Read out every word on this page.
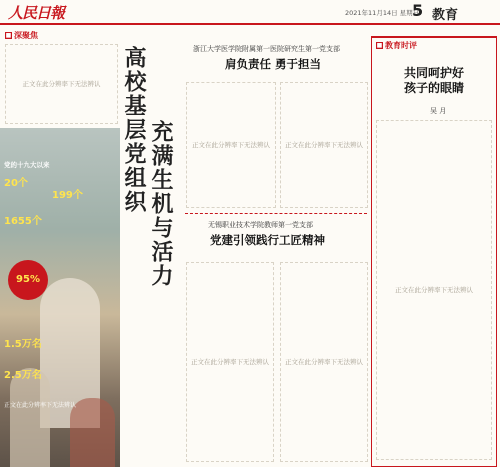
人民日報	2021年11月14日 星期日
5 教育
■ 深聚焦
正文在此分辨率下无法辨认
党的十九大以来
20个
199个
1655个
95%
1.5万名
2.5万名
正文在此分辨率下无法辨认
高校基层党组织 充满生机与活力
浙江大学医学院附属第一医院研究生第一党支部
肩负责任 勇于担当
正文在此分辨率下无法辨认	正文在此分辨率下无法辨认
无锡职业技术学院教师第一党支部
党建引领践行工匠精神
正文在此分辨率下无法辨认	正文在此分辨率下无法辨认
■ 教育时评
共同呵护好
孩子的眼睛
吴 月
正文在此分辨率下无法辨认
